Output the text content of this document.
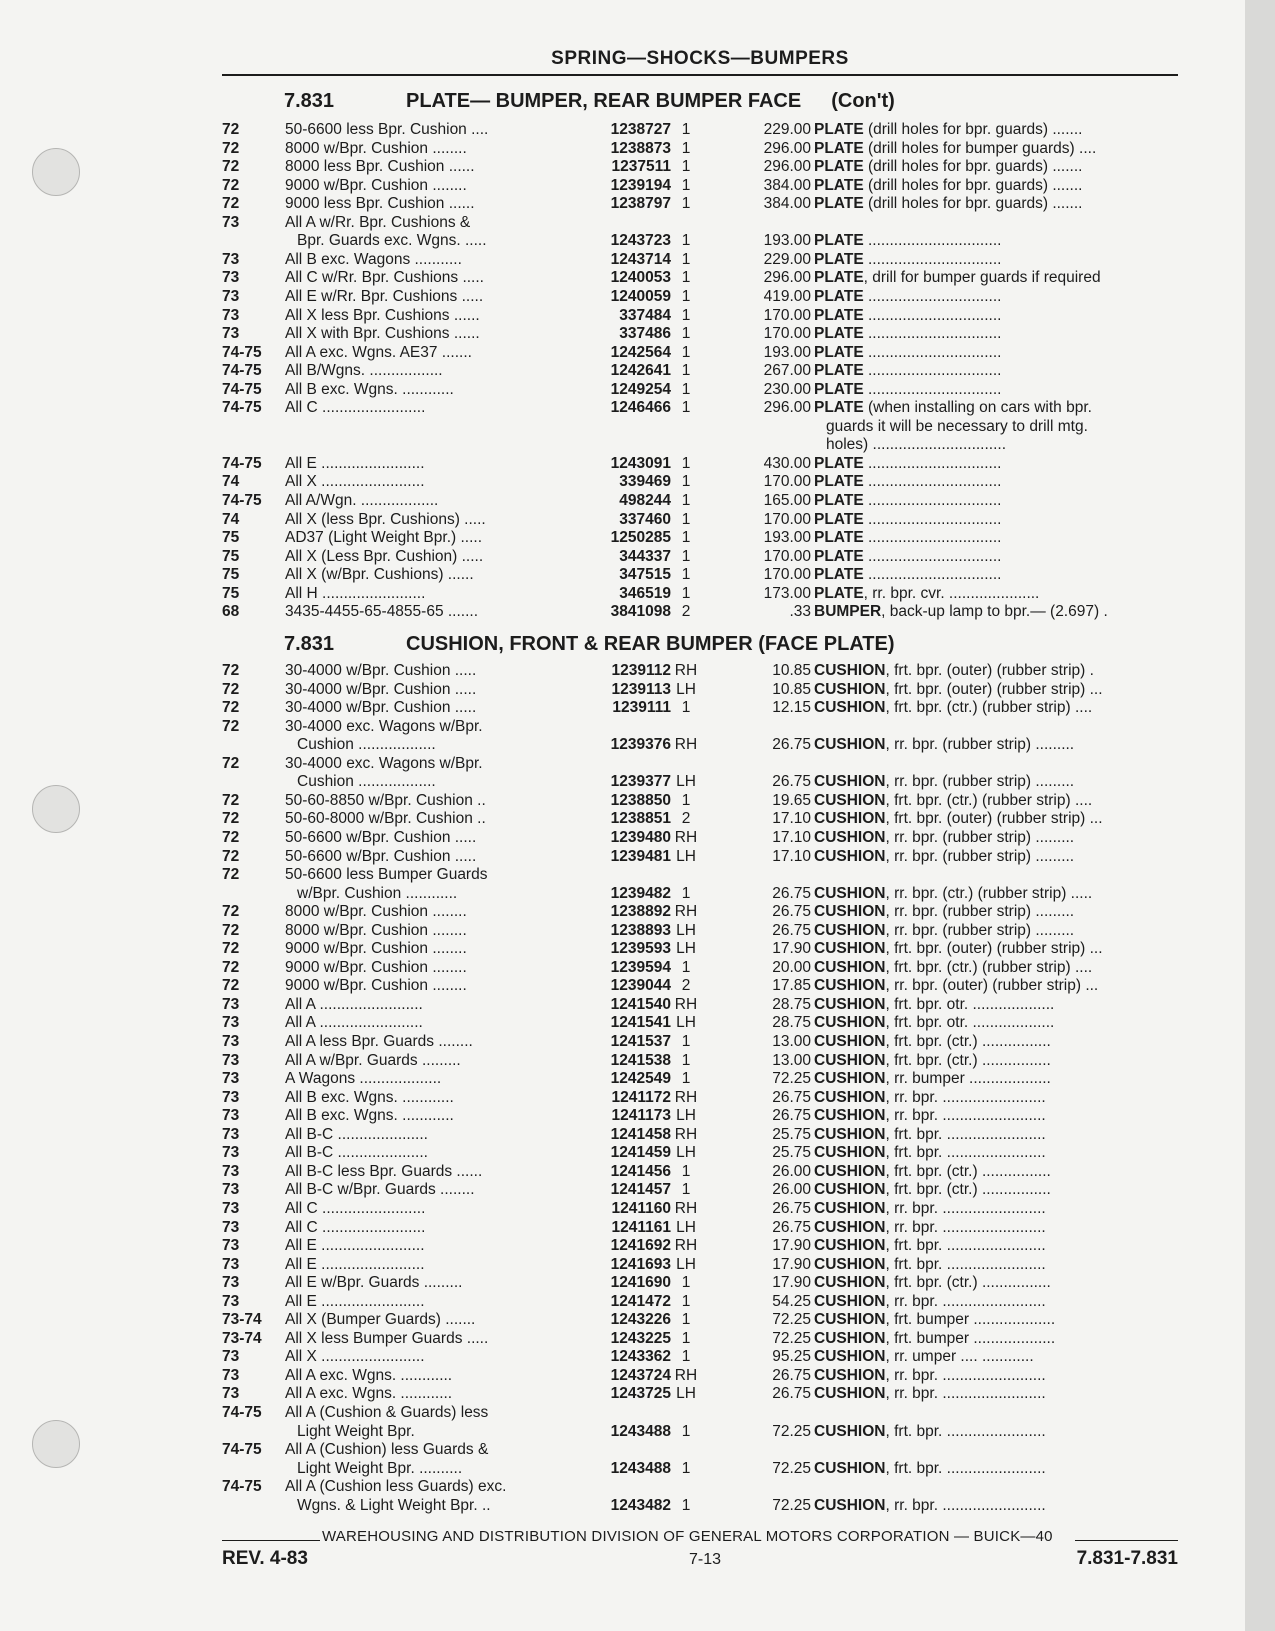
SPRING—SHOCKS—BUMPERS
7.831	PLATE— BUMPER, REAR BUMPER FACE (Con't)
72	50-6600 less Bpr. Cushion ....	1238727 1	229.00 PLATE (drill holes for bpr. guards) .......
72	8000 w/Bpr. Cushion ........	1238873 1	296.00 PLATE (drill holes for bumper guards) ....
72	8000 less Bpr. Cushion ......	1237511 1	296.00 PLATE (drill holes for bpr. guards) .......
72	9000 w/Bpr. Cushion ........	1239194 1	384.00 PLATE (drill holes for bpr. guards) .......
72	9000 less Bpr. Cushion ......	1238797 1	384.00 PLATE (drill holes for bpr. guards) .......
73	All A w/Rr. Bpr. Cushions &
Bpr. Guards exc. Wgns. .....	1243723 1	193.00 PLATE ...............................
73	All B exc. Wagons ...........	1243714 1	229.00 PLATE ...............................
73	All C w/Rr. Bpr. Cushions .....	1240053 1	296.00 PLATE, drill for bumper guards if required
73	All E w/Rr. Bpr. Cushions .....	1240059 1	419.00 PLATE ...............................
73	All X less Bpr. Cushions ......	337484 1	170.00 PLATE ...............................
73	All X with Bpr. Cushions ......	337486 1	170.00 PLATE ...............................
74-75	All A exc. Wgns. AE37 .......	1242564 1	193.00 PLATE ...............................
74-75	All B/Wgns. .................	1242641 1	267.00 PLATE ...............................
74-75	All B exc. Wgns. ............	1249254 1	230.00 PLATE ...............................
74-75	All C ........................	1246466 1	296.00 PLATE (when installing on cars with bpr.
guards it will be necessary to drill mtg.
holes) ...............................
74-75	All E ........................	1243091 1	430.00 PLATE ...............................
74	All X ........................	339469 1	170.00 PLATE ...............................
74-75	All A/Wgn. ..................	498244 1	165.00 PLATE ...............................
74	All X (less Bpr. Cushions) .....	337460 1	170.00 PLATE ...............................
75	AD37 (Light Weight Bpr.) .....	1250285 1	193.00 PLATE ...............................
75	All X (Less Bpr. Cushion) .....	344337 1	170.00 PLATE ...............................
75	All X (w/Bpr. Cushions) ......	347515 1	170.00 PLATE ...............................
75	All H ........................	346519 1	173.00 PLATE, rr. bpr. cvr. .....................
68	3435-4455-65-4855-65 .......	3841098 2	.33 BUMPER, back-up lamp to bpr.— (2.697) .
7.831	CUSHION, FRONT & REAR BUMPER (FACE PLATE)
72	30-4000 w/Bpr. Cushion .....	1239112 RH	10.85 CUSHION, frt. bpr. (outer) (rubber strip) .
72	30-4000 w/Bpr. Cushion .....	1239113 LH	10.85 CUSHION, frt. bpr. (outer) (rubber strip) ...
72	30-4000 w/Bpr. Cushion .....	1239111 1	12.15 CUSHION, frt. bpr. (ctr.) (rubber strip) ....
72	30-4000 exc. Wagons w/Bpr.
Cushion ..................	1239376 RH	26.75 CUSHION, rr. bpr. (rubber strip) .........
72	30-4000 exc. Wagons w/Bpr.
Cushion ..................	1239377 LH	26.75 CUSHION, rr. bpr. (rubber strip) .........
72	50-60-8850 w/Bpr. Cushion ..	1238850 1	19.65 CUSHION, frt. bpr. (ctr.) (rubber strip) ....
72	50-60-8000 w/Bpr. Cushion ..	1238851 2	17.10 CUSHION, frt. bpr. (outer) (rubber strip) ...
72	50-6600 w/Bpr. Cushion .....	1239480 RH	17.10 CUSHION, rr. bpr. (rubber strip) .........
72	50-6600 w/Bpr. Cushion .....	1239481 LH	17.10 CUSHION, rr. bpr. (rubber strip) .........
72	50-6600 less Bumper Guards
w/Bpr. Cushion ............	1239482 1	26.75 CUSHION, rr. bpr. (ctr.) (rubber strip) .....
72	8000 w/Bpr. Cushion ........	1238892 RH	26.75 CUSHION, rr. bpr. (rubber strip) .........
72	8000 w/Bpr. Cushion ........	1238893 LH	26.75 CUSHION, rr. bpr. (rubber strip) .........
72	9000 w/Bpr. Cushion ........	1239593 LH	17.90 CUSHION, frt. bpr. (outer) (rubber strip) ...
72	9000 w/Bpr. Cushion ........	1239594 1	20.00 CUSHION, frt. bpr. (ctr.) (rubber strip) ....
72	9000 w/Bpr. Cushion ........	1239044 2	17.85 CUSHION, rr. bpr. (outer) (rubber strip) ...
73	All A ........................	1241540 RH	28.75 CUSHION, frt. bpr. otr. ...................
73	All A ........................	1241541 LH	28.75 CUSHION, frt. bpr. otr. ...................
73	All A less Bpr. Guards ........	1241537 1	13.00 CUSHION, frt. bpr. (ctr.) ................
73	All A w/Bpr. Guards .........	1241538 1	13.00 CUSHION, frt. bpr. (ctr.) ................
73	A Wagons ...................	1242549 1	72.25 CUSHION, rr. bumper ...................
73	All B exc. Wgns. ............	1241172 RH	26.75 CUSHION, rr. bpr. ........................
73	All B exc. Wgns. ............	1241173 LH	26.75 CUSHION, rr. bpr. ........................
73	All B-C .....................	1241458 RH	25.75 CUSHION, frt. bpr. .......................
73	All B-C .....................	1241459 LH	25.75 CUSHION, frt. bpr. .......................
73	All B-C less Bpr. Guards ......	1241456 1	26.00 CUSHION, frt. bpr. (ctr.) ................
73	All B-C w/Bpr. Guards ........	1241457 1	26.00 CUSHION, frt. bpr. (ctr.) ................
73	All C ........................	1241160 RH	26.75 CUSHION, rr. bpr. ........................
73	All C ........................	1241161 LH	26.75 CUSHION, rr. bpr. ........................
73	All E ........................	1241692 RH	17.90 CUSHION, frt. bpr. .......................
73	All E ........................	1241693 LH	17.90 CUSHION, frt. bpr. .......................
73	All E w/Bpr. Guards .........	1241690 1	17.90 CUSHION, frt. bpr. (ctr.) ................
73	All E ........................	1241472 1	54.25 CUSHION, rr. bpr. ........................
73-74	All X (Bumper Guards) .......	1243226 1	72.25 CUSHION, frt. bumper ...................
73-74	All X less Bumper Guards .....	1243225 1	72.25 CUSHION, frt. bumper ...................
73	All X ........................	1243362 1	95.25 CUSHION, rr. umper .... ............
73	All A exc. Wgns. ............	1243724 RH	26.75 CUSHION, rr. bpr. ........................
73	All A exc. Wgns. ............	1243725 LH	26.75 CUSHION, rr. bpr. ........................
74-75	All A (Cushion & Guards) less
Light Weight Bpr.	1243488 1	72.25 CUSHION, frt. bpr. .......................
74-75	All A (Cushion) less Guards &
Light Weight Bpr. ..........	1243488 1	72.25 CUSHION, frt. bpr. .......................
74-75	All A (Cushion less Guards) exc.
Wgns. & Light Weight Bpr. ..	1243482 1	72.25 CUSHION, rr. bpr. ........................
WAREHOUSING AND DISTRIBUTION DIVISION OF GENERAL MOTORS CORPORATION — BUICK—40
REV. 4-83	7-13	7.831-7.831
